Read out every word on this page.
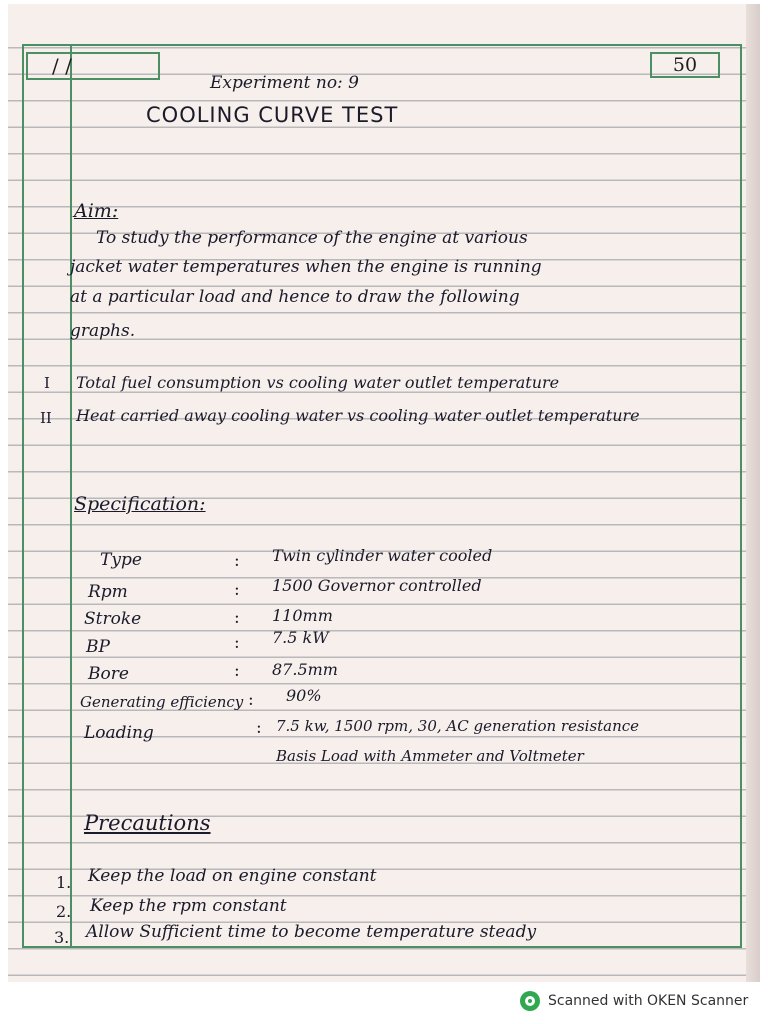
/ /	50
Experiment no: 9
COOLING CURVE TEST
Aim:
To study the performance of the engine at various
jacket water temperatures when the engine is running
at a particular load and hence to draw the following
graphs.
I Total fuel consumption vs cooling water outlet temperature
II Heat carried away cooling water vs cooling water outlet temperature
Specification:
Type	: Twin cylinder water cooled
Rpm	: 1500 Governor controlled
Stroke	: 110mm
BP	: 7.5 kW
Bore	: 87.5mm
Generating efficiency : 90%
Loading	: 7.5 kw, 1500 rpm, 30, AC generation resistance
Basis Load with Ammeter and Voltmeter
Precautions
1. Keep the load on engine constant
2. Keep the rpm constant
3. Allow Sufficient time to become temperature steady
Scanned with OKEN Scanner
